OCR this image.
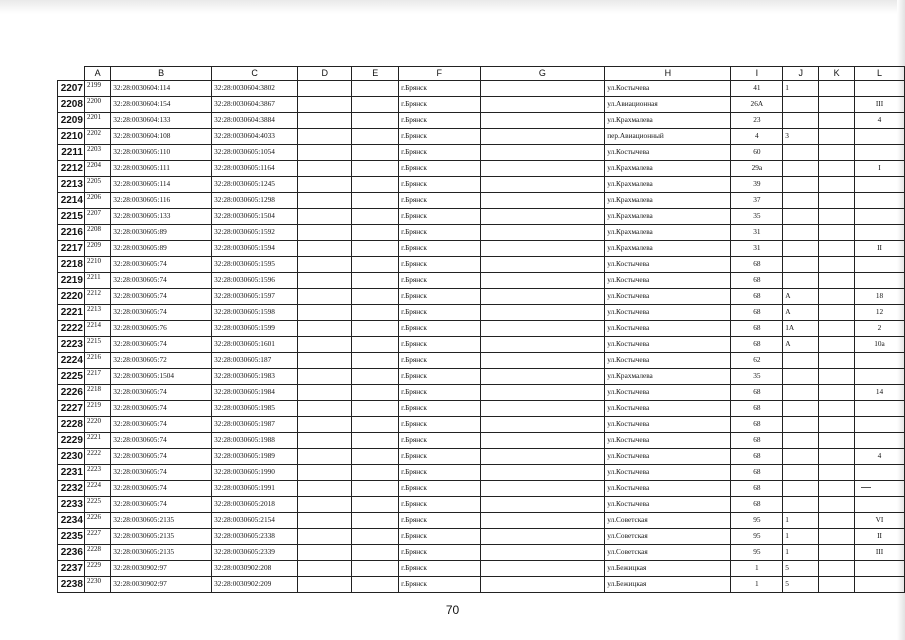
	A	B	C	D	E	F	G	H	I	J	K	L
2207	2199	32:28:0030604:114	32:28:0030604:3802			г.Брянск		ул.Костычева	41	1		
2208	2200	32:28:0030604:154	32:28:0030604:3867			г.Брянск		ул.Авиационная	26А			III
2209	2201	32:28:0030604:133	32:28:0030604:3884			г.Брянск		ул.Крахмалева	23			4
2210	2202	32:28:0030604:108	32:28:0030604:4033			г.Брянск		пер.Авиационный	4	3		
2211	2203	32:28:0030605:110	32:28:0030605:1054			г.Брянск		ул.Костычева	60			
2212	2204	32:28:0030605:111	32:28:0030605:1164			г.Брянск		ул.Крахмалева	29а			I
2213	2205	32:28:0030605:114	32:28:0030605:1245			г.Брянск		ул.Крахмалева	39			
2214	2206	32:28:0030605:116	32:28:0030605:1298			г.Брянск		ул.Крахмалева	37			
2215	2207	32:28:0030605:133	32:28:0030605:1504			г.Брянск		ул.Крахмалева	35			
2216	2208	32:28:0030605:89	32:28:0030605:1592			г.Брянск		ул.Крахмалева	31			
2217	2209	32:28:0030605:89	32:28:0030605:1594			г.Брянск		ул.Крахмалева	31			II
2218	2210	32:28:0030605:74	32:28:0030605:1595			г.Брянск		ул.Костычева	68			
2219	2211	32:28:0030605:74	32:28:0030605:1596			г.Брянск		ул.Костычева	68			
2220	2212	32:28:0030605:74	32:28:0030605:1597			г.Брянск		ул.Костычева	68	А		18
2221	2213	32:28:0030605:74	32:28:0030605:1598			г.Брянск		ул.Костычева	68	А		12
2222	2214	32:28:0030605:76	32:28:0030605:1599			г.Брянск		ул.Костычева	68	1А		2
2223	2215	32:28:0030605:74	32:28:0030605:1601			г.Брянск		ул.Костычева	68	А		10а
2224	2216	32:28:0030605:72	32:28:0030605:187			г.Брянск		ул.Костычева	62			
2225	2217	32:28:0030605:1504	32:28:0030605:1983			г.Брянск		ул.Крахмалева	35			
2226	2218	32:28:0030605:74	32:28:0030605:1984			г.Брянск		ул.Костычева	68			14
2227	2219	32:28:0030605:74	32:28:0030605:1985			г.Брянск		ул.Костычева	68			
2228	2220	32:28:0030605:74	32:28:0030605:1987			г.Брянск		ул.Костычева	68			
2229	2221	32:28:0030605:74	32:28:0030605:1988			г.Брянск		ул.Костычева	68			
2230	2222	32:28:0030605:74	32:28:0030605:1989			г.Брянск		ул.Костычева	68			4
2231	2223	32:28:0030605:74	32:28:0030605:1990			г.Брянск		ул.Костычева	68			
2232	2224	32:28:0030605:74	32:28:0030605:1991			г.Брянск		ул.Костычева	68			
2233	2225	32:28:0030605:74	32:28:0030605:2018			г.Брянск		ул.Костычева	68			
2234	2226	32:28:0030605:2135	32:28:0030605:2154			г.Брянск		ул.Советская	95	1		VI
2235	2227	32:28:0030605:2135	32:28:0030605:2338			г.Брянск		ул.Советская	95	1		II
2236	2228	32:28:0030605:2135	32:28:0030605:2339			г.Брянск		ул.Советская	95	1		III
2237	2229	32:28:0030902:97	32:28:0030902:208			г.Брянск		ул.Бежицкая	1	5		
2238	2230	32:28:0030902:97	32:28:0030902:209			г.Брянск		ул.Бежицкая	1	5		
70
